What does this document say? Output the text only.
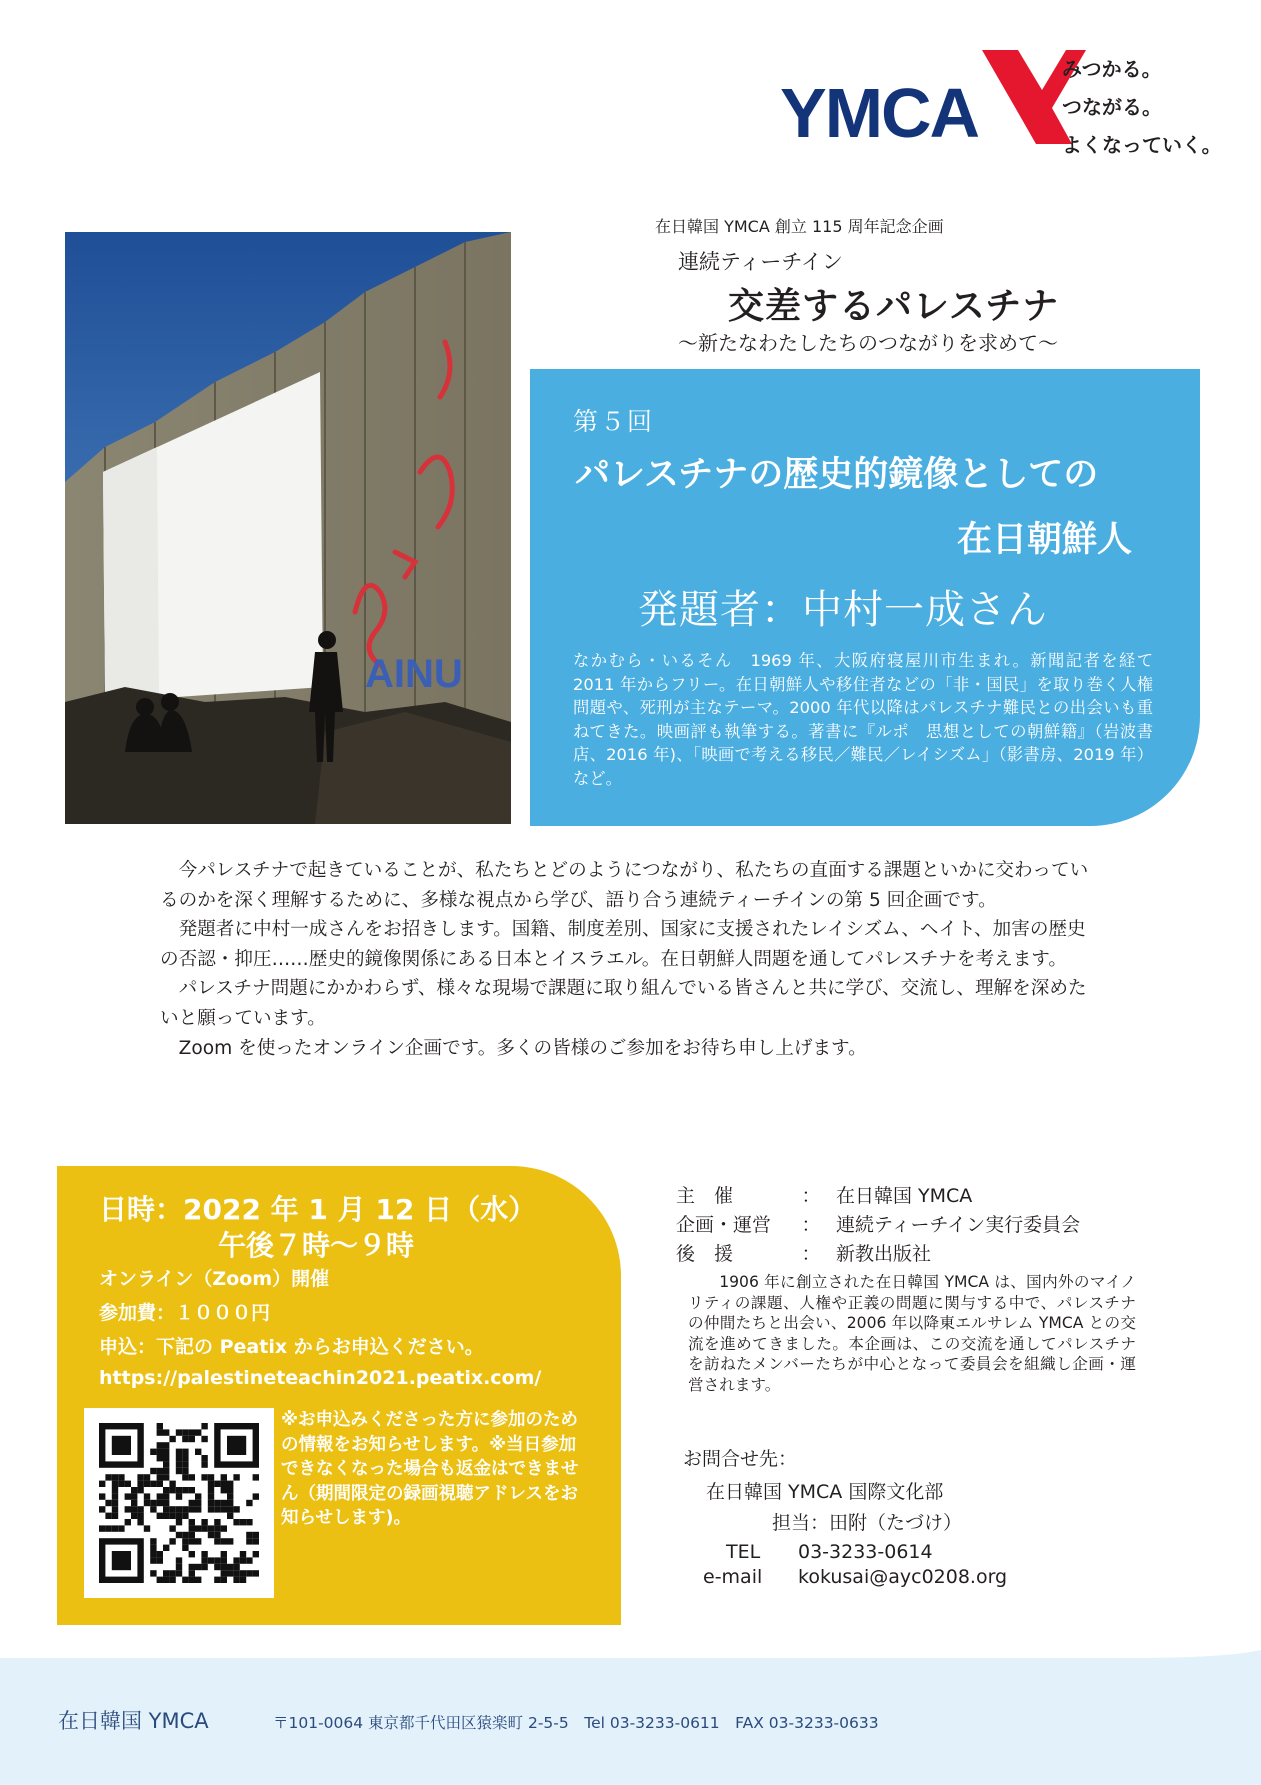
YMCA
みつかる。
つながる。
よくなっていく。
AINU
在日韓国 YMCA 創立 115 周年記念企画
連続ティーチイン
交差するパレスチナ
〜新たなわたしたちのつながりを求めて〜
第５回
パレスチナの歴史的鏡像としての
在日朝鮮人
発題者：中村一成さん
なかむら・いるそん　1969 年、大阪府寝屋川市生まれ。新聞記者を経て 2011 年からフリー。在日朝鮮人や移住者などの「非・国民」を取り巻く人権問題や、死刑が主なテーマ。2000 年代以降はパレスチナ難民との出会いも重ねてきた。映画評も執筆する。著書に『ルポ　思想としての朝鮮籍』（岩波書店、2016 年)、「映画で考える移民／難民／レイシズム」（影書房、2019 年）など。

今パレスチナで起きていることが、私たちとどのようにつながり、私たちの直面する課題といかに交わっているのかを深く理解するために、多様な視点から学び、語り合う連続ティーチインの第 5 回企画です。

発題者に中村一成さんをお招きします。国籍、制度差別、国家に支援されたレイシズム、ヘイト、加害の歴史の否認・抑圧……歴史的鏡像関係にある日本とイスラエル。在日朝鮮人問題を通してパレスチナを考えます。

パレスチナ問題にかかわらず、様々な現場で課題に取り組んでいる皆さんと共に学び、交流し、理解を深めたいと願っています。

Zoom を使ったオンライン企画です。多くの皆様のご参加をお待ち申し上げます。

日時：2022 年 1 月 12 日（水）
午後７時〜９時
オンライン（Zoom）開催
参加費：１０００円
申込：下記の Peatix からお申込ください。
https://palestineteachin2021.peatix.com/
※お申込みくださった方に参加のための情報をお知らせします。※当日参加できなくなった場合も返金はできません（期間限定の録画視聴アドレスをお知らせします)。
主　催	： 在日韓国 YMCA
企画・運営	： 連続ティーチイン実行委員会
後　援	： 新教出版社

1906 年に創立された在日韓国 YMCA は、国内外のマイノリティの課題、人権や正義の問題に関与する中で、パレスチナの仲間たちと出会い、2006 年以降東エルサレム YMCA との交流を進めてきました。本企画は、この交流を通してパレスチナを訪ねたメンバーたちが中心となって委員会を組織し企画・運営されます。

お問合せ先：
在日韓国 YMCA 国際文化部
担当：田附（たづけ）
TEL 03-3233-0614
e-mail kokusai@ayc0208.org
在日韓国 YMCA	〒101-0064 東京都千代田区猿楽町 2-5-5　Tel 03-3233-0611　FAX 03-3233-0633
